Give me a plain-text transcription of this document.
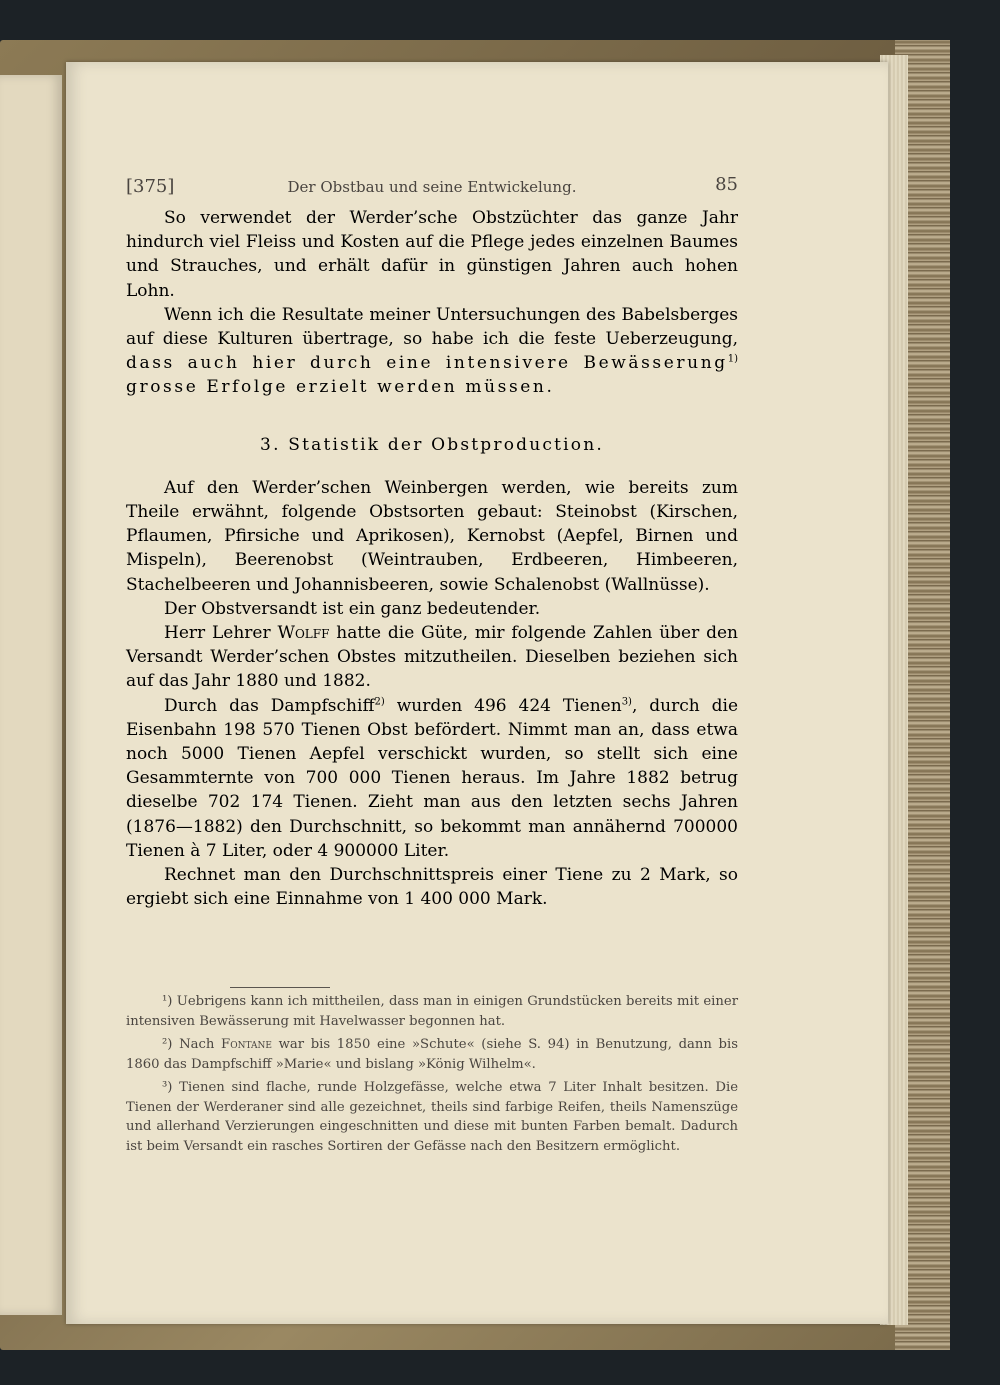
[375]	Der Obstbau und seine Entwickelung.	85

So verwendet der Werder’sche Obstzüchter das ganze Jahr hindurch viel Fleiss und Kosten auf die Pflege jedes einzelnen Baumes und Strauches, und erhält dafür in günstigen Jahren auch hohen Lohn.

Wenn ich die Resultate meiner Untersuchungen des Babelsberges auf diese Kulturen übertrage, so habe ich die feste Ueberzeugung, dass auch hier durch eine intensivere Bewässerung$^{1)}$ grosse Erfolge erzielt werden müssen.

3. Statistik der Obstproduction.

Auf den Werder’schen Weinbergen werden, wie bereits zum Theile erwähnt, folgende Obstsorten gebaut: Steinobst (Kirschen, Pflaumen, Pfirsiche und Aprikosen), Kernobst (Aepfel, Birnen und Mispeln), Beerenobst (Weintrauben, Erdbeeren, Himbeeren, Stachelbeeren und Johannisbeeren, sowie Schalenobst (Wallnüsse).

Der Obstversandt ist ein ganz bedeutender.

Herr Lehrer Wolff hatte die Güte, mir folgende Zahlen über den Versandt Werder’schen Obstes mitzutheilen. Dieselben beziehen sich auf das Jahr 1880 und 1882.

Durch das Dampfschiff$^{2)}$ wurden 496 424 Tienen$^{3)}$, durch die Eisenbahn 198 570 Tienen Obst befördert. Nimmt man an, dass etwa noch 5000 Tienen Aepfel verschickt wurden, so stellt sich eine Gesammternte von 700 000 Tienen heraus. Im Jahre 1882 betrug dieselbe 702 174 Tienen. Zieht man aus den letzten sechs Jahren (1876—1882) den Durchschnitt, so bekommt man annähernd 700000 Tienen à 7 Liter, oder 4 900000 Liter.

Rechnet man den Durchschnittspreis einer Tiene zu 2 Mark, so ergiebt sich eine Einnahme von 1 400 000 Mark.

¹) Uebrigens kann ich mittheilen, dass man in einigen Grundstücken bereits mit einer intensiven Bewässerung mit Havelwasser begonnen hat.

²) Nach Fontane war bis 1850 eine »Schute« (siehe S. 94) in Benutzung, dann bis 1860 das Dampfschiff »Marie« und bislang »König Wilhelm«.

³) Tienen sind flache, runde Holzgefässe, welche etwa 7 Liter Inhalt besitzen. Die Tienen der Werderaner sind alle gezeichnet, theils sind farbige Reifen, theils Namenszüge und allerhand Verzierungen eingeschnitten und diese mit bunten Farben bemalt. Dadurch ist beim Versandt ein rasches Sortiren der Gefässe nach den Besitzern ermöglicht.
